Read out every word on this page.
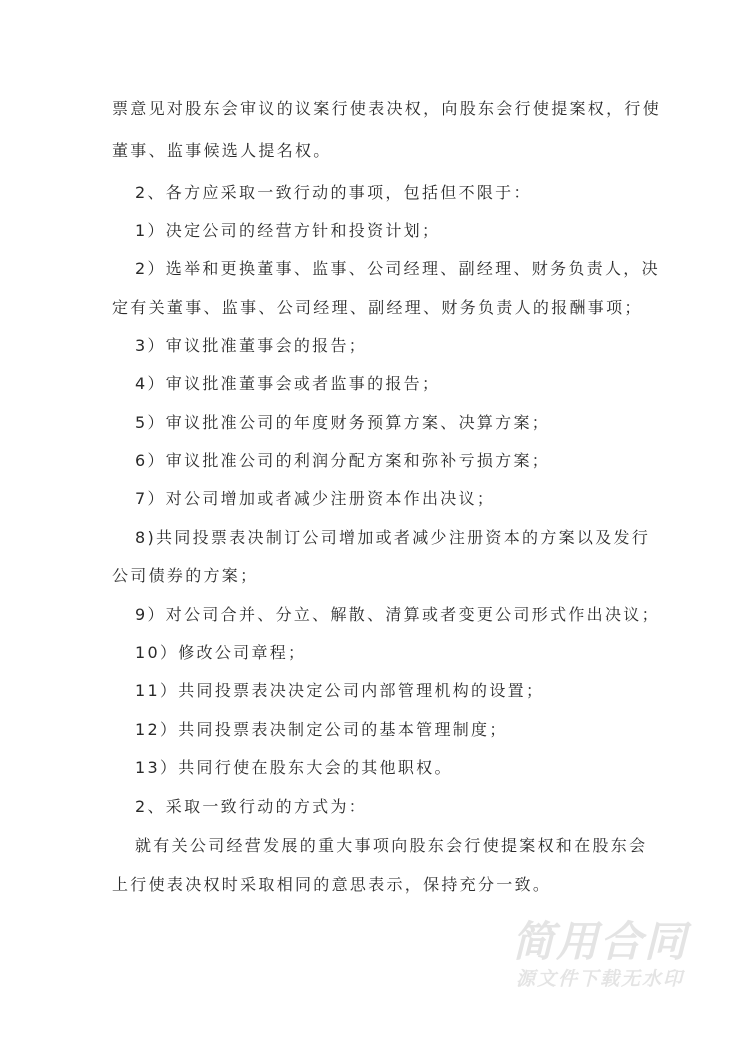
票意见对股东会审议的议案行使表决权，向股东会行使提案权，行使
董事、监事候选人提名权。
2、各方应采取一致行动的事项，包括但不限于：
1）决定公司的经营方针和投资计划；
2）选举和更换董事、监事、公司经理、副经理、财务负责人，决
定有关董事、监事、公司经理、副经理、财务负责人的报酬事项；
3）审议批准董事会的报告；
4）审议批准董事会或者监事的报告；
5）审议批准公司的年度财务预算方案、决算方案；
6）审议批准公司的利润分配方案和弥补亏损方案；
7）对公司增加或者减少注册资本作出决议；
8)共同投票表决制订公司增加或者减少注册资本的方案以及发行
公司债券的方案；
9）对公司合并、分立、解散、清算或者变更公司形式作出决议；
10）修改公司章程；
11）共同投票表决决定公司内部管理机构的设置；
12）共同投票表决制定公司的基本管理制度；
13）共同行使在股东大会的其他职权。
2、采取一致行动的方式为：
就有关公司经营发展的重大事项向股东会行使提案权和在股东会
上行使表决权时采取相同的意思表示，保持充分一致。
简用合同
源文件下载无水印
